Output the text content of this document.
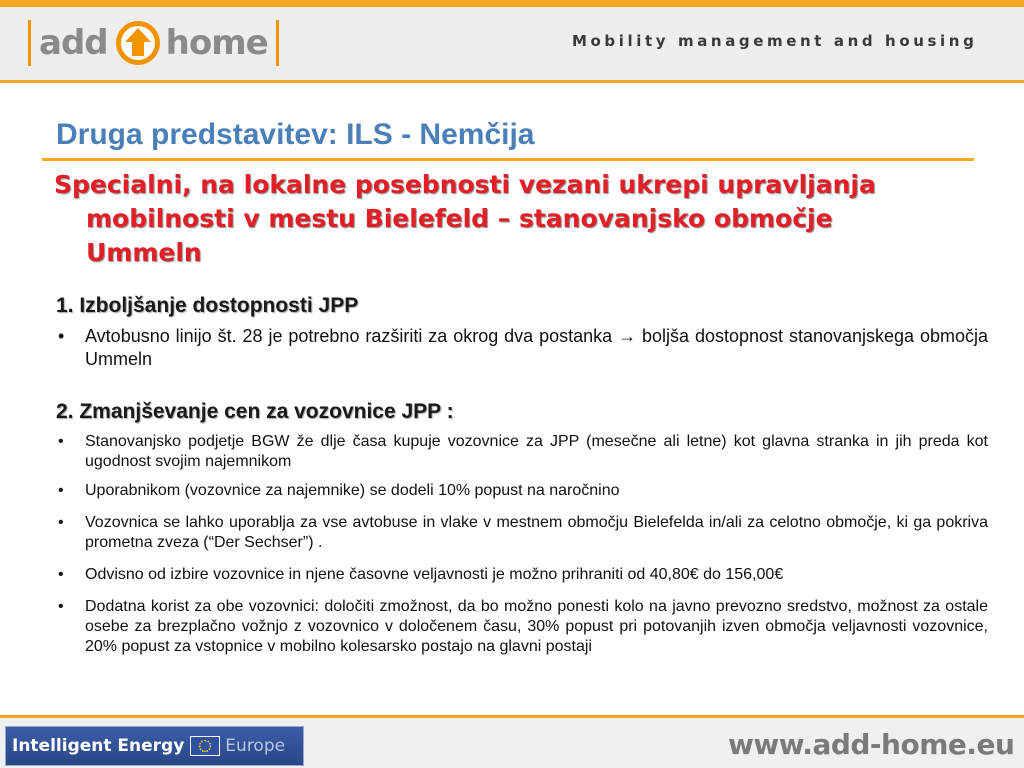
add home	Mobility management and housing
Druga predstavitev: ILS - Nemčija
Specialni, na lokalne posebnosti vezani ukrepi upravljanja mobilnosti v mestu Bielefeld – stanovanjsko območje Ummeln
1. Izboljšanje dostopnosti JPP
• Avtobusno linijo št. 28 je potrebno razširiti za okrog dva postanka → boljša dostopnost stanovanjskega območja Ummeln
2. Zmanjševanje cen za vozovnice JPP :
• Stanovanjsko podjetje BGW že dlje časa kupuje vozovnice za JPP (mesečne ali letne) kot glavna stranka in jih preda kot ugodnost svojim najemnikom
• Uporabnikom (vozovnice za najemnike) se dodeli 10% popust na naročnino
• Vozovnica se lahko uporablja za vse avtobuse in vlake v mestnem območju Bielefelda in/ali za celotno območje, ki ga pokriva prometna zveza (“Der Sechser”) .
• Odvisno od izbire vozovnice in njene časovne veljavnosti je možno prihraniti od 40,80€ do 156,00€
• Dodatna korist za obe vozovnici: določiti zmožnost, da bo možno ponesti kolo na javno prevozno sredstvo, možnost za ostale osebe za brezplačno vožnjo z vozovnico v določenem času, 30% popust pri potovanjih izven območja veljavnosti vozovnice, 20% popust za vstopnice v mobilno kolesarsko postajo na glavni postaji
Intelligent Energy Europe	www.add-home.eu
